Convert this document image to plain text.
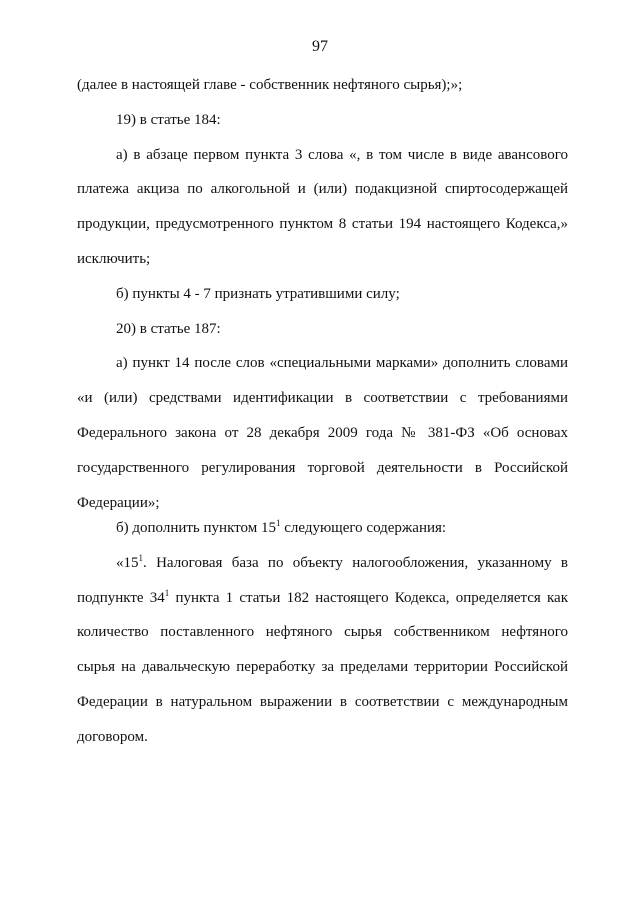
97

(далее в настоящей главе - собственник нефтяного сырья);»;

19) в статье 184:

а) в абзаце первом пункта 3 слова «, в том числе в виде авансового платежа акциза по алкогольной и (или) подакцизной спиртосодержащей продукции, предусмотренного пунктом 8 статьи 194 настоящего Кодекса,» исключить;

б) пункты 4 - 7 признать утратившими силу;

20) в статье 187:

а) пункт 14 после слов «специальными марками» дополнить словами «и (или) средствами идентификации в соответствии с требованиями Федерального закона от 28 декабря 2009 года № 381-ФЗ «Об основах государственного регулирования торговой деятельности в Российской Федерации»;

б) дополнить пунктом $15^1$ следующего содержания:

«$15^1$. Налоговая база по объекту налогообложения, указанному в подпункте $34^1$ пункта 1 статьи 182 настоящего Кодекса, определяется как количество поставленного нефтяного сырья собственником нефтяного сырья на давальческую переработку за пределами территории Российской Федерации в натуральном выражении в соответствии с международным договором.
